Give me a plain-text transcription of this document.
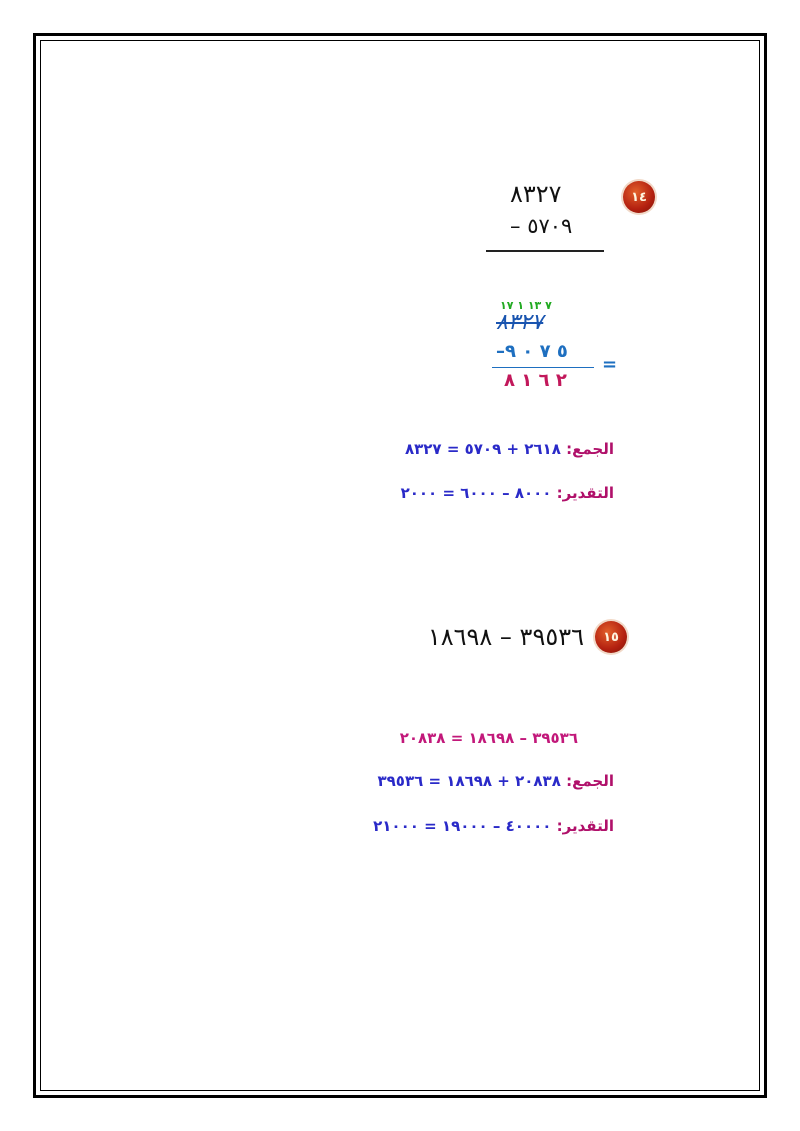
١٤
٨٣٢٧
٥٧٠٩ –
٧ ١٣ ١ ١٧
٨٣٢٧
٥ ٧ ٠ ٩–
=
٢ ٦ ١ ٨
الجمع: ٢٦١٨ + ٥٧٠٩ = ٨٣٢٧
التقدير: ٨٠٠٠ – ٦٠٠٠ = ٢٠٠٠
١٥
٣٩٥٣٦ – ١٨٦٩٨
٣٩٥٣٦ – ١٨٦٩٨ = ٢٠٨٣٨
الجمع: ٢٠٨٣٨ + ١٨٦٩٨ = ٣٩٥٣٦
التقدير: ٤٠٠٠٠ – ١٩٠٠٠ = ٢١٠٠٠
